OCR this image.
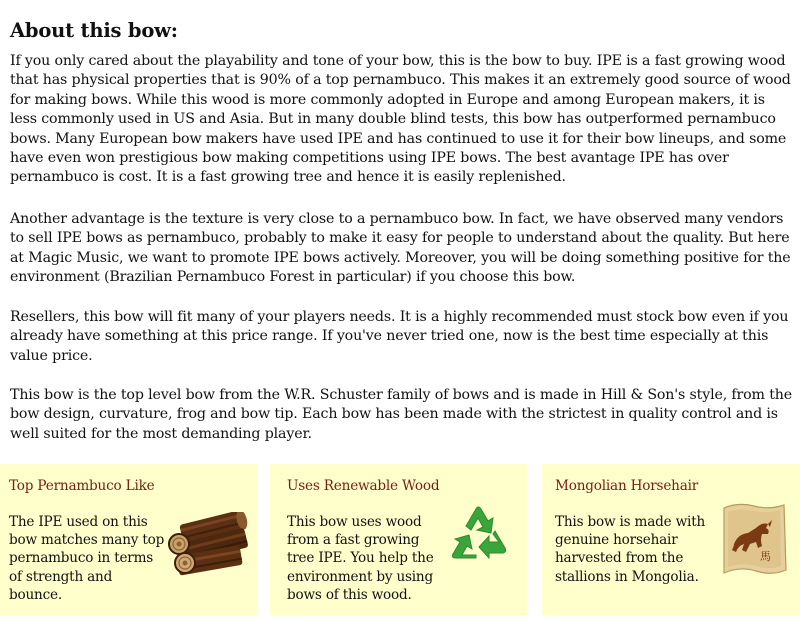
About this bow:

If you only cared about the playability and tone of your bow, this is the bow to buy. IPE is a fast growing wood that has physical properties that is 90% of a top pernambuco. This makes it an extremely good source of wood for making bows. While this wood is more commonly adopted in Europe and among European makers, it is less commonly used in US and Asia. But in many double blind tests, this bow has outperformed pernambuco bows. Many European bow makers have used IPE and has continued to use it for their bow lineups, and some have even won prestigious bow making competitions using IPE bows. The best avantage IPE has over pernambuco is cost. It is a fast growing tree and hence it is easily replenished.

Another advantage is the texture is very close to a pernambuco bow. In fact, we have observed many vendors to sell IPE bows as pernambuco, probably to make it easy for people to understand about the quality. But here at Magic Music, we want to promote IPE bows actively. Moreover, you will be doing something positive for the environment (Brazilian Pernambuco Forest in particular) if you choose this bow.

Resellers, this bow will fit many of your players needs. It is a highly recommended must stock bow even if you already have something at this price range. If you've never tried one, now is the best time especially at this value price.

This bow is the top level bow from the W.R. Schuster family of bows and is made in Hill & Son's style, from the bow design, curvature, frog and bow tip. Each bow has been made with the strictest in quality control and is well suited for the most demanding player.

Top Pernambuco Like
The IPE used on this bow matches many top pernambuco in terms of strength and bounce.
Uses Renewable Wood
This bow uses wood from a fast growing tree IPE. You help the environment by using bows of this wood.
Mongolian Horsehair
This bow is made with genuine horsehair harvested from the stallions in Mongolia.
馬
